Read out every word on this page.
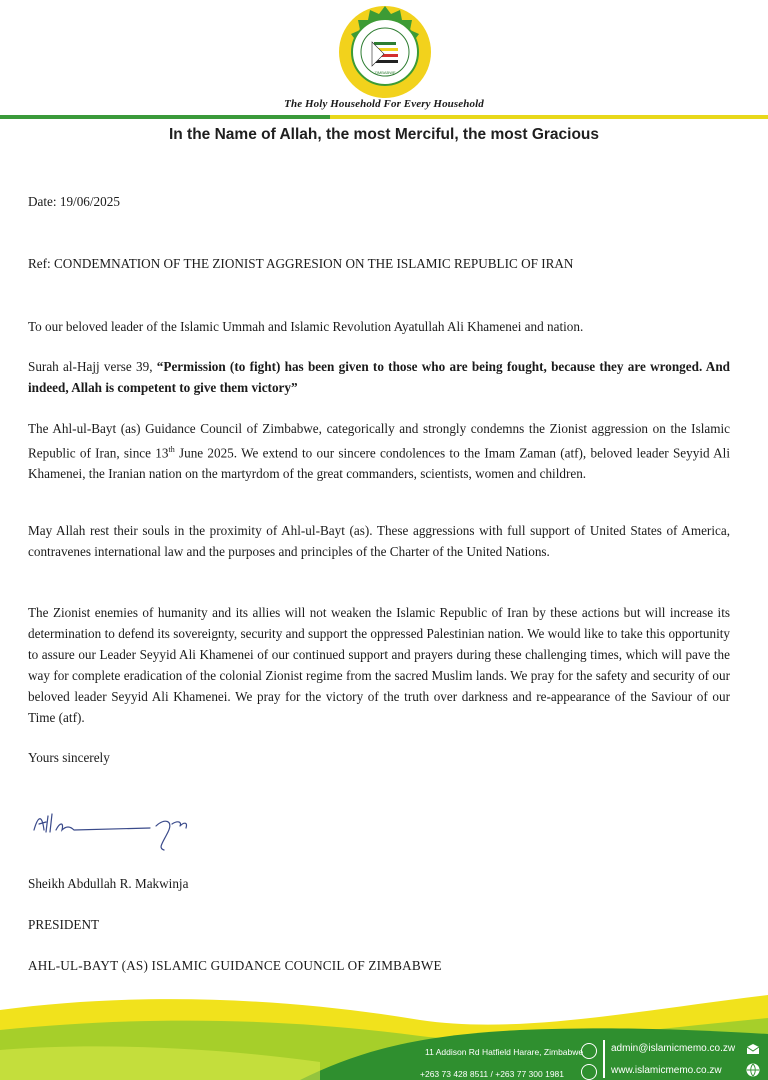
ZIMBABWE
The Holy Household For Every Household
In the Name of Allah, the most Merciful, the most Gracious
Date: 19/06/2025
Ref: CONDEMNATION OF THE ZIONIST AGGRESION ON THE ISLAMIC REPUBLIC OF IRAN
To our beloved leader of the Islamic Ummah and Islamic Revolution Ayatullah Ali Khamenei and nation.
Surah al-Hajj verse 39, “Permission (to fight) has been given to those who are being fought, because they are wronged. And indeed, Allah is competent to give them victory”
The Ahl-ul-Bayt (as) Guidance Council of Zimbabwe, categorically and strongly condemns the Zionist aggression on the Islamic Republic of Iran, since 13th June 2025. We extend to our sincere condolences to the Imam Zaman (atf), beloved leader Seyyid Ali Khamenei, the Iranian nation on the martyrdom of the great commanders, scientists, women and children.
May Allah rest their souls in the proximity of Ahl-ul-Bayt (as). These aggressions with full support of United States of America, contravenes international law and the purposes and principles of the Charter of the United Nations.
The Zionist enemies of humanity and its allies will not weaken the Islamic Republic of Iran by these actions but will increase its determination to defend its sovereignty, security and support the oppressed Palestinian nation. We would like to take this opportunity to assure our Leader Seyyid Ali Khamenei of our continued support and prayers during these challenging times, which will pave the way for complete eradication of the colonial Zionist regime from the sacred Muslim lands. We pray for the safety and security of our beloved leader Seyyid Ali Khamenei. We pray for the victory of the truth over darkness and re-appearance of the Saviour of our Time (atf).
Yours sincerely
Sheikh Abdullah R. Makwinja
PRESIDENT
AHL-UL-BAYT (AS) ISLAMIC GUIDANCE COUNCIL OF ZIMBABWE
11 Addison Rd Hatfield Harare, Zimbabwe
+263 73 428 8511 / +263 77 300 1981
admin@islamicmemo.co.zw
www.islamicmemo.co.zw
